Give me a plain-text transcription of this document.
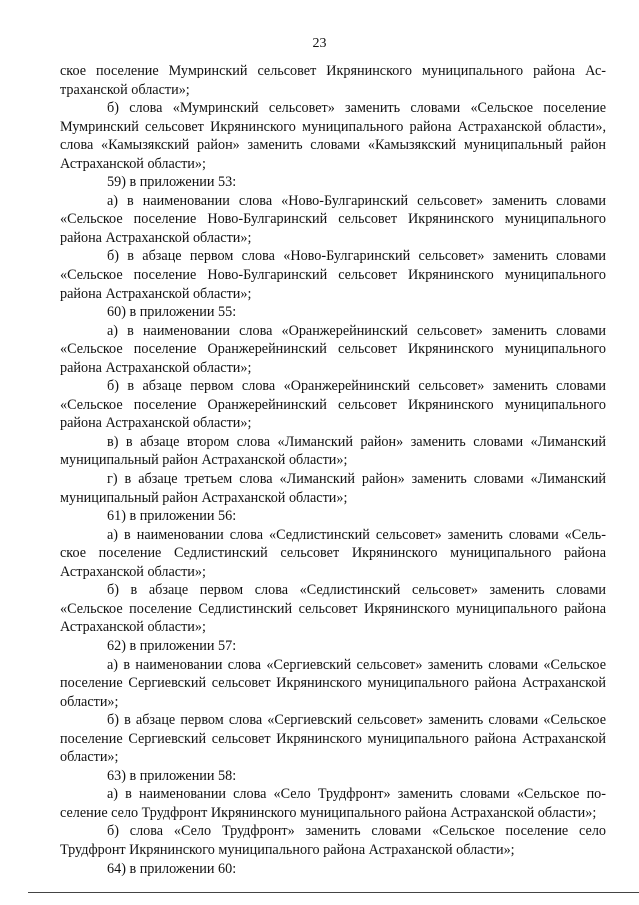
23

ское поселение Мумринский сельсовет Икрянинского муниципального района Астраханской области»;

б) слова «Мумринский сельсовет» заменить словами «Сельское поселение Мумринский сельсовет Икрянинского муниципального района Астраханской области», слова «Камызякский район» заменить словами «Камызякский муниципальный район Астраханской области»;

59) в приложении 53:

а) в наименовании слова «Ново-Булгаринский сельсовет» заменить словами «Сельское поселение Ново-Булгаринский сельсовет Икрянинского муниципального района Астраханской области»;

б) в абзаце первом слова «Ново-Булгаринский сельсовет» заменить словами «Сельское поселение Ново-Булгаринский сельсовет Икрянинского муниципального района Астраханской области»;

60) в приложении 55:

а) в наименовании слова «Оранжерейнинский сельсовет» заменить словами «Сельское поселение Оранжерейнинский сельсовет Икрянинского муниципального района Астраханской области»;

б) в абзаце первом слова «Оранжерейнинский сельсовет» заменить словами «Сельское поселение Оранжерейнинский сельсовет Икрянинского муниципального района Астраханской области»;

в) в абзаце втором слова «Лиманский район» заменить словами «Лиманский муниципальный район Астраханской области»;

г) в абзаце третьем слова «Лиманский район» заменить словами «Лиманский муниципальный район Астраханской области»;

61) в приложении 56:

а) в наименовании слова «Седлистинский сельсовет» заменить словами «Сельское поселение Седлистинский сельсовет Икрянинского муниципального района Астраханской области»;

б) в абзаце первом слова «Седлистинский сельсовет» заменить словами «Сельское поселение Седлистинский сельсовет Икрянинского муниципального района Астраханской области»;

62) в приложении 57:

а) в наименовании слова «Сергиевский сельсовет» заменить словами «Сельское поселение Сергиевский сельсовет Икрянинского муниципального района Астраханской области»;

б) в абзаце первом слова «Сергиевский сельсовет» заменить словами «Сельское поселение Сергиевский сельсовет Икрянинского муниципального района Астраханской области»;

63) в приложении 58:

а) в наименовании слова «Село Трудфронт» заменить словами «Сельское поселение село Трудфронт Икрянинского муниципального района Астраханской области»;

б) слова «Село Трудфронт» заменить словами «Сельское поселение село Трудфронт Икрянинского муниципального района Астраханской области»;

64) в приложении 60:
